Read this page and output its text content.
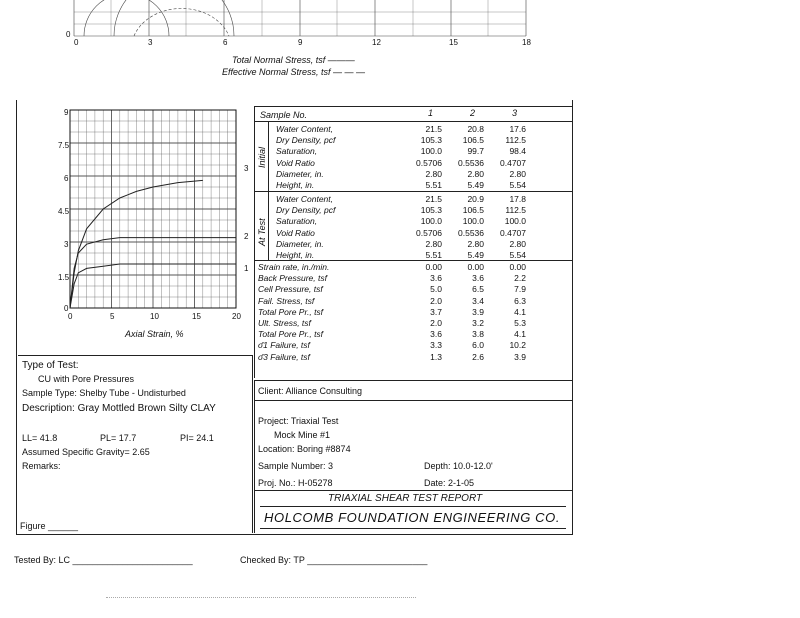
0
0	3	6	9	12	15	18
Total Normal Stress, tsf ———
Effective Normal Stress, tsf — — —
9
7.5
6
4.5
3
1.5
0
0	5	10	15	20
Axial Strain, %
3
2
1
Sample No.	1	2	3
Initial
At Test
Water Content,	21.5	20.8	17.6
Dry Density, pcf	105.3	106.5	112.5
Saturation,	100.0	99.7	98.4
Void Ratio	0.5706 0.5536 0.4707
Diameter, in.	2.80	2.80	2.80
Height, in.	5.51	5.49	5.54
Water Content,	21.5	20.9	17.8
Dry Density, pcf	105.3	106.5	112.5
Saturation,	100.0	100.0	100.0
Void Ratio	0.5706 0.5536 0.4707
Diameter, in.	2.80	2.80	2.80
Height, in.	5.51	5.49	5.54
Strain rate, in./min.	0.00	0.00	0.00
Back Pressure, tsf	3.6	3.6	2.2
Cell Pressure, tsf	5.0	6.5	7.9
Fail. Stress, tsf	2.0	3.4	6.3
Total Pore Pr., tsf	3.7	3.9	4.1
Ult. Stress, tsf	2.0	3.2	5.3
Total Pore Pr., tsf	3.6	3.8	4.1
σ̄1 Failure, tsf	3.3	6.0	10.2
σ̄3 Failure, tsf	1.3	2.6	3.9
Type of Test:
CU with Pore Pressures
Sample Type: Shelby Tube - Undisturbed
Description: Gray Mottled Brown Silty CLAY
LL= 41.8	PL= 17.7	PI= 24.1
Assumed Specific Gravity= 2.65
Remarks:
Figure ______
Client: Alliance Consulting
Project: Triaxial Test
Mock Mine #1
Location: Boring #8874
Sample Number: 3	Depth: 10.0-12.0'
Proj. No.: H-05278	Date: 2-1-05
TRIAXIAL SHEAR TEST REPORT
HOLCOMB FOUNDATION ENGINEERING CO.
Tested By: LC ________________________	Checked By: TP ________________________
